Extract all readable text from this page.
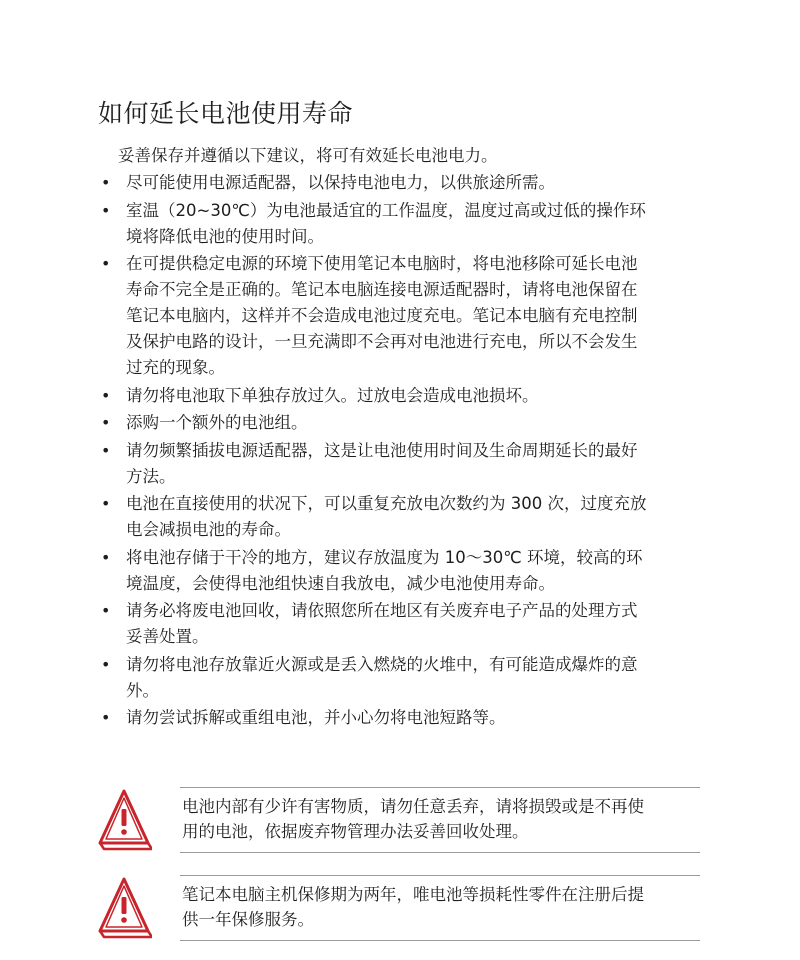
如何延长电池使用寿命
妥善保存并遵循以下建议，将可有效延长电池电力。
• 尽可能使用电源适配器，以保持电池电力，以供旅途所需。
• 室温（20~30℃）为电池最适宜的工作温度，温度过高或过低的操作环
境将降低电池的使用时间。
• 在可提供稳定电源的环境下使用笔记本电脑时，将电池移除可延长电池
寿命不完全是正确的。笔记本电脑连接电源适配器时，请将电池保留在
笔记本电脑内，这样并不会造成电池过度充电。笔记本电脑有充电控制
及保护电路的设计，一旦充满即不会再对电池进行充电，所以不会发生
过充的现象。
• 请勿将电池取下单独存放过久。过放电会造成电池损坏。
• 添购一个额外的电池组。
• 请勿频繁插拔电源适配器，这是让电池使用时间及生命周期延长的最好
方法。
• 电池在直接使用的状况下，可以重复充放电次数约为 300 次，过度充放
电会减损电池的寿命。
• 将电池存储于干冷的地方，建议存放温度为 10～30℃ 环境，较高的环
境温度，会使得电池组快速自我放电，减少电池使用寿命。
• 请务必将废电池回收，请依照您所在地区有关废弃电子产品的处理方式
妥善处置。
• 请勿将电池存放靠近火源或是丢入燃烧的火堆中，有可能造成爆炸的意
外。
• 请勿尝试拆解或重组电池，并小心勿将电池短路等。
电池内部有少许有害物质，请勿任意丢弃，请将损毁或是不再使
用的电池，依据废弃物管理办法妥善回收处理。
笔记本电脑主机保修期为两年，唯电池等损耗性零件在注册后提
供一年保修服务。
